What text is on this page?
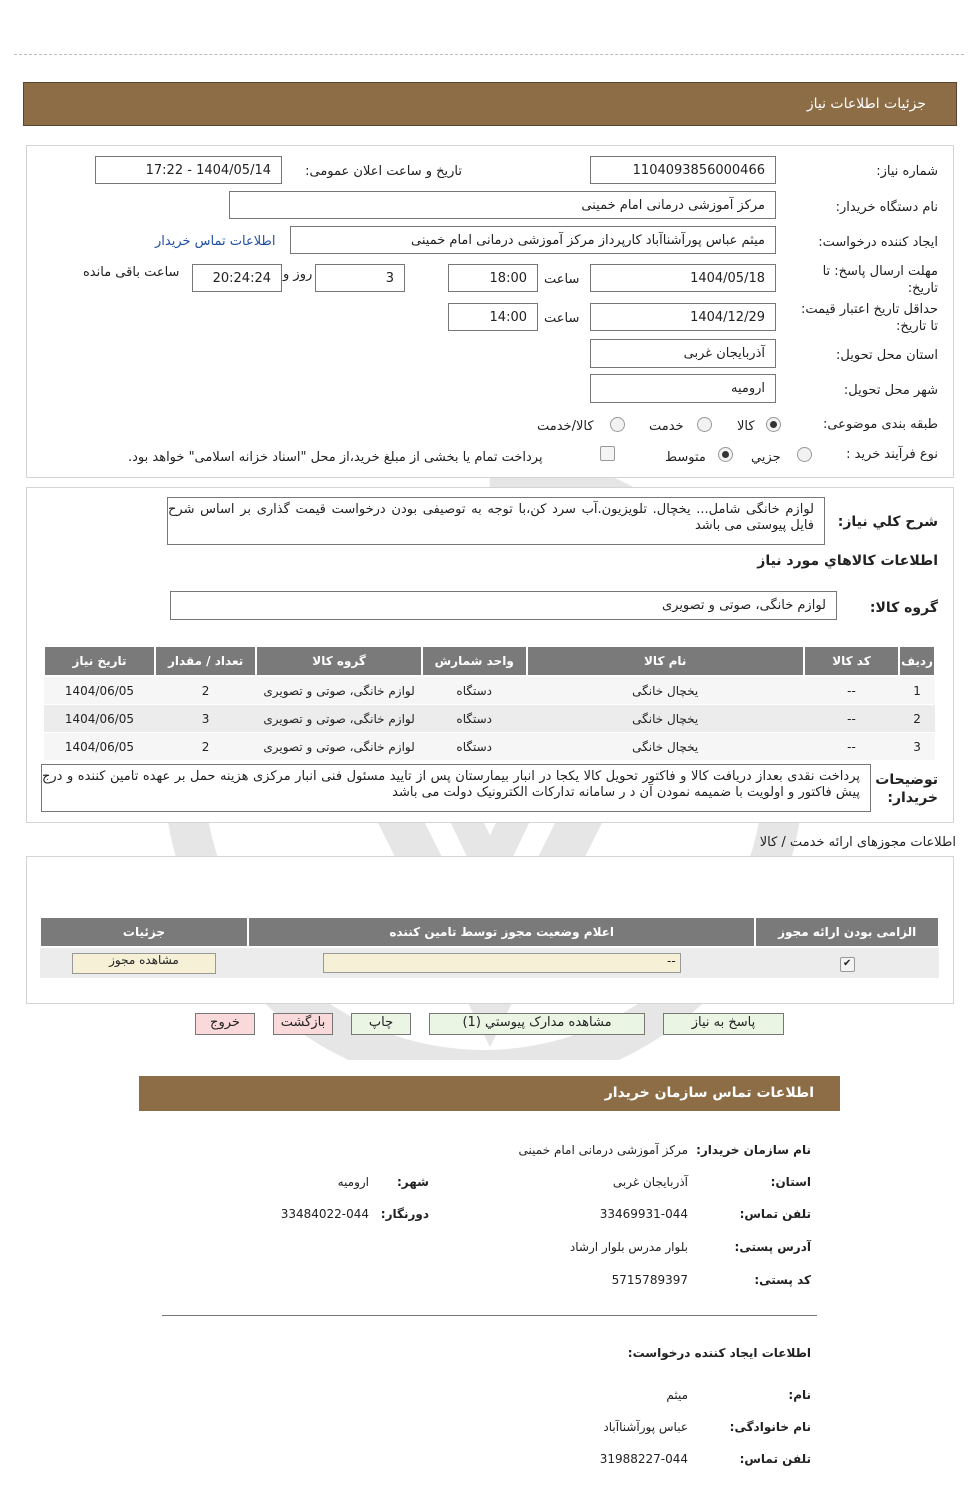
جزئیات اطلاعات نیاز
شماره نیاز:
1104093856000466
تاریخ و ساعت اعلان عمومی:
1404/05/14 - 17:22
نام دستگاه خریدار:
مرکز آموزشی درمانی امام خمینی
ایجاد کننده درخواست:
میثم عباس پورآشناآباد کارپرداز مرکز آموزشی درمانی امام خمینی
اطلاعات تماس خریدار
مهلت ارسال پاسخ: تا
تاریخ:
1404/05/18
ساعت
18:00
3
روز و
20:24:24
ساعت باقی مانده
حداقل تاریخ اعتبار قیمت:
تا تاریخ:
1404/12/29
ساعت
14:00
استان محل تحویل:
آذربایجان غربی
شهر محل تحویل:
ارومیه
طبقه بندی موضوعی:
کالا
خدمت
کالا/خدمت
نوع فرآیند خرید :
جزیي
متوسط
پرداخت تمام یا بخشی از مبلغ خرید،از محل "اسناد خزانه اسلامی" خواهد بود.
شرح كلي نياز:
لوازم خانگی شامل... یخچال. تلویزیون.آب سرد کن،با توجه به توصیفی بودن درخواست قیمت گذاری بر اساس شرح فایل پیوستی می باشد
اطلاعات كالاهاي مورد نياز
گروه کالا:
لوازم خانگی، صوتی و تصویری
ردیف	کد کالا	نام کالا	واحد شمارش	گروه کالا	تعداد / مقدار	تاریخ نیاز
1	--	یخچال خانگی	دستگاه	لوازم خانگی، صوتی و تصویری	2	1404/06/05
2	--	یخچال خانگی	دستگاه	لوازم خانگی، صوتی و تصویری	3	1404/06/05
3	--	یخچال خانگی	دستگاه	لوازم خانگی، صوتی و تصویری	2	1404/06/05
توضیحات
خریدار:
پرداخت نقدی بعداز دریافت کالا و فاکتور تحویل کالا یکجا در انبار بیمارستان پس از تایید مسئول فنی انبار مرکزی هزینه حمل بر عهده تامین کننده و درج پیش فاکتور و اولویت با ضمیمه نمودن آن د ر سامانه تدارکات الکترونیک دولت می باشد
اطلاعات مجوزهای ارائه خدمت / کالا
الزامی بودن ارائه مجوز	اعلام وضعیت مجوز توسط تامین کننده	جزئیات
✔	--	مشاهده مجوز
پاسخ به نیاز
مشاهده مدارک پیوستي (1)
چاپ
بازگشت
خروج
اطلاعات تماس سازمان خریدار
نام سازمان خریدار:
مرکز آموزشی درمانی امام خمینی
استان:
آذربایجان غربی
شهر:
ارومیه
تلفن تماس:
33469931-044
دورنگار:
33484022-044
آدرس پستی:
بلوار مدرس بلوار ارشاد
کد پستی:
5715789397
اطلاعات ایجاد کننده درخواست:
نام:
میثم
نام خانوادگی:
عباس پورآشناآباد
تلفن تماس:
31988227-044
